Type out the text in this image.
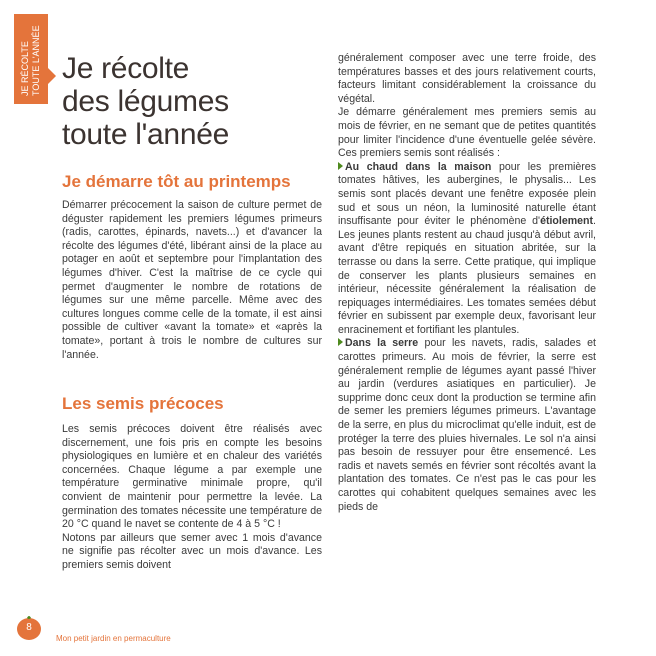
JE RÉCOLTE TOUTE L'ANNÉE Je récolte
des légumes
toute l'année
Je démarre tôt au printemps

Démarrer précocement la saison de culture permet de déguster rapidement les premiers légumes primeurs (radis, carottes, épinards, navets...) et d'avancer la récolte des légumes d'été, libérant ainsi de la place au potager en août et septembre pour l'implantation des légumes d'hiver. C'est la maîtrise de ce cycle qui permet d'augmenter le nombre de rotations de légumes sur une même parcelle. Même avec des cultures longues comme celle de la tomate, il est ainsi possible de cultiver «avant la tomate» et «après la tomate», portant à trois le nombre de cultures sur l'année.

Les semis précoces

Les semis précoces doivent être réalisés avec discernement, une fois pris en compte les besoins physiologiques en lumière et en chaleur des variétés concernées. Chaque légume a par exemple une température germinative minimale propre, qu'il convient de maintenir pour permettre la levée. La germination des tomates nécessite une température de 20 °C quand le navet se contente de 4 à 5 °C !

Notons par ailleurs que semer avec 1 mois d'avance ne signifie pas récolter avec un mois d'avance. Les premiers semis doivent

généralement composer avec une terre froide, des températures basses et des jours relativement courts, facteurs limitant considérablement la croissance du végétal.

Je démarre généralement mes premiers semis au mois de février, en ne semant que de petites quantités pour limiter l'incidence d'une éventuelle gelée sévère. Ces premiers semis sont réalisés :

Au chaud dans la maison pour les premières tomates hâtives, les aubergines, le physalis... Les semis sont placés devant une fenêtre exposée plein sud et sous un néon, la luminosité naturelle étant insuffisante pour éviter le phénomène d'étiolement. Les jeunes plants restent au chaud jusqu'à début avril, avant d'être repiqués en situation abritée, sur la terrasse ou dans la serre. Cette pratique, qui implique de conserver les plants plusieurs semaines en intérieur, nécessite généralement la réalisation de repiquages intermédiaires. Les tomates semées début février en subissent par exemple deux, favorisant leur enracinement et fortifiant les plantules.

Dans la serre pour les navets, radis, salades et carottes primeurs. Au mois de février, la serre est généralement remplie de légumes ayant passé l'hiver au jardin (verdures asiatiques en particulier). Je supprime donc ceux dont la production se termine afin de semer les premiers légumes primeurs. L'avantage de la serre, en plus du microclimat qu'elle induit, est de protéger la terre des pluies hivernales. Le sol n'a ainsi pas besoin de ressuyer pour être ensemencé. Les radis et navets semés en février sont récoltés avant la plantation des tomates. Ce n'est pas le cas pour les carottes qui cohabitent quelques semaines avec les pieds de

8
Mon petit jardin en permaculture
